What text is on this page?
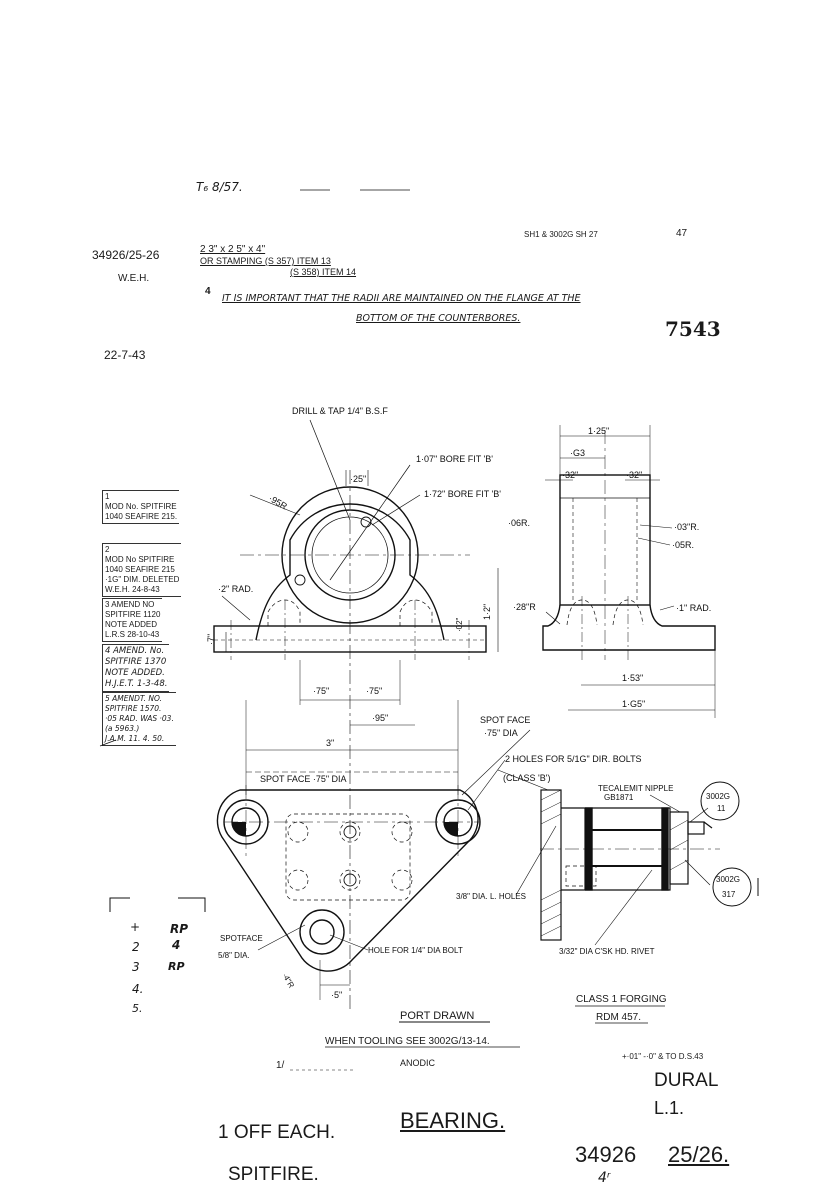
T₆ 8/57.
SH1 & 3002G SH 27	47
34926/25-26
W.E.H.
22-7-43
2 3" x 2 5" x 4"
OR STAMPING (S 357) ITEM 13
(S 358) ITEM 14
7543
4
IT IS IMPORTANT THAT THE RADII ARE MAINTAINED ON THE FLANGE AT THE
BOTTOM OF THE COUNTERBORES.
1
MOD No. SPITFIRE
1040 SEAFIRE 215.
2
MOD No SPITFIRE
1040 SEAFIRE 215
·1G" DIM. DELETED
W.E.H. 24-8-43
3 AMEND NO
SPITFIRE 1120
NOTE ADDED
L.R.S 28-10-43
4 AMEND. No.
SPITFIRE 1370
NOTE ADDED.
H.J.E.T. 1-3-48.
5 AMENDT. NO.
SPITFIRE 1570.
·05 RAD. WAS ·03.
(a 5963.)
J.A.M. 11. 4. 50.
+ RP
2	4
3	RP
4.
5.
DRILL & TAP 1/4" B.S.F
1·07" BORE FIT 'B'
1·72" BORE FIT 'B'
·25"
·95R
·2" RAD.
·7"
1·2"
·02"
·75"	·75"
·95"
3"
1·25"
·G3
·32"	·32"
·06R.	·03"R.
·05R.
·28"R	·1" RAD.
1·53"
1·G5"
SPOT FACE
·75" DIA
SPOT FACE ·75" DIA
2 HOLES FOR 5/1G" DIR. BOLTS
(CLASS 'B')
TECALEMIT NIPPLE
GB1871	3002G
11
3002G
317
3/8" DIA. L. HOLES
3/32" DIA C'SK HD. RIVET
SPOTFACE
5/8" DIA.
HOLE FOR 1/4" DIA BOLT
·4"R
·5"
PORT DRAWN
CLASS 1 FORGING
RDM 457.
WHEN TOOLING SEE 3002G/13-14.
1/	ANODIC
+·01" -·0" & TO D.S.43
DURAL
L.1.
1 OFF EACH.	BEARING.
SPITFIRE.
34926 25/26.
4ʳ
